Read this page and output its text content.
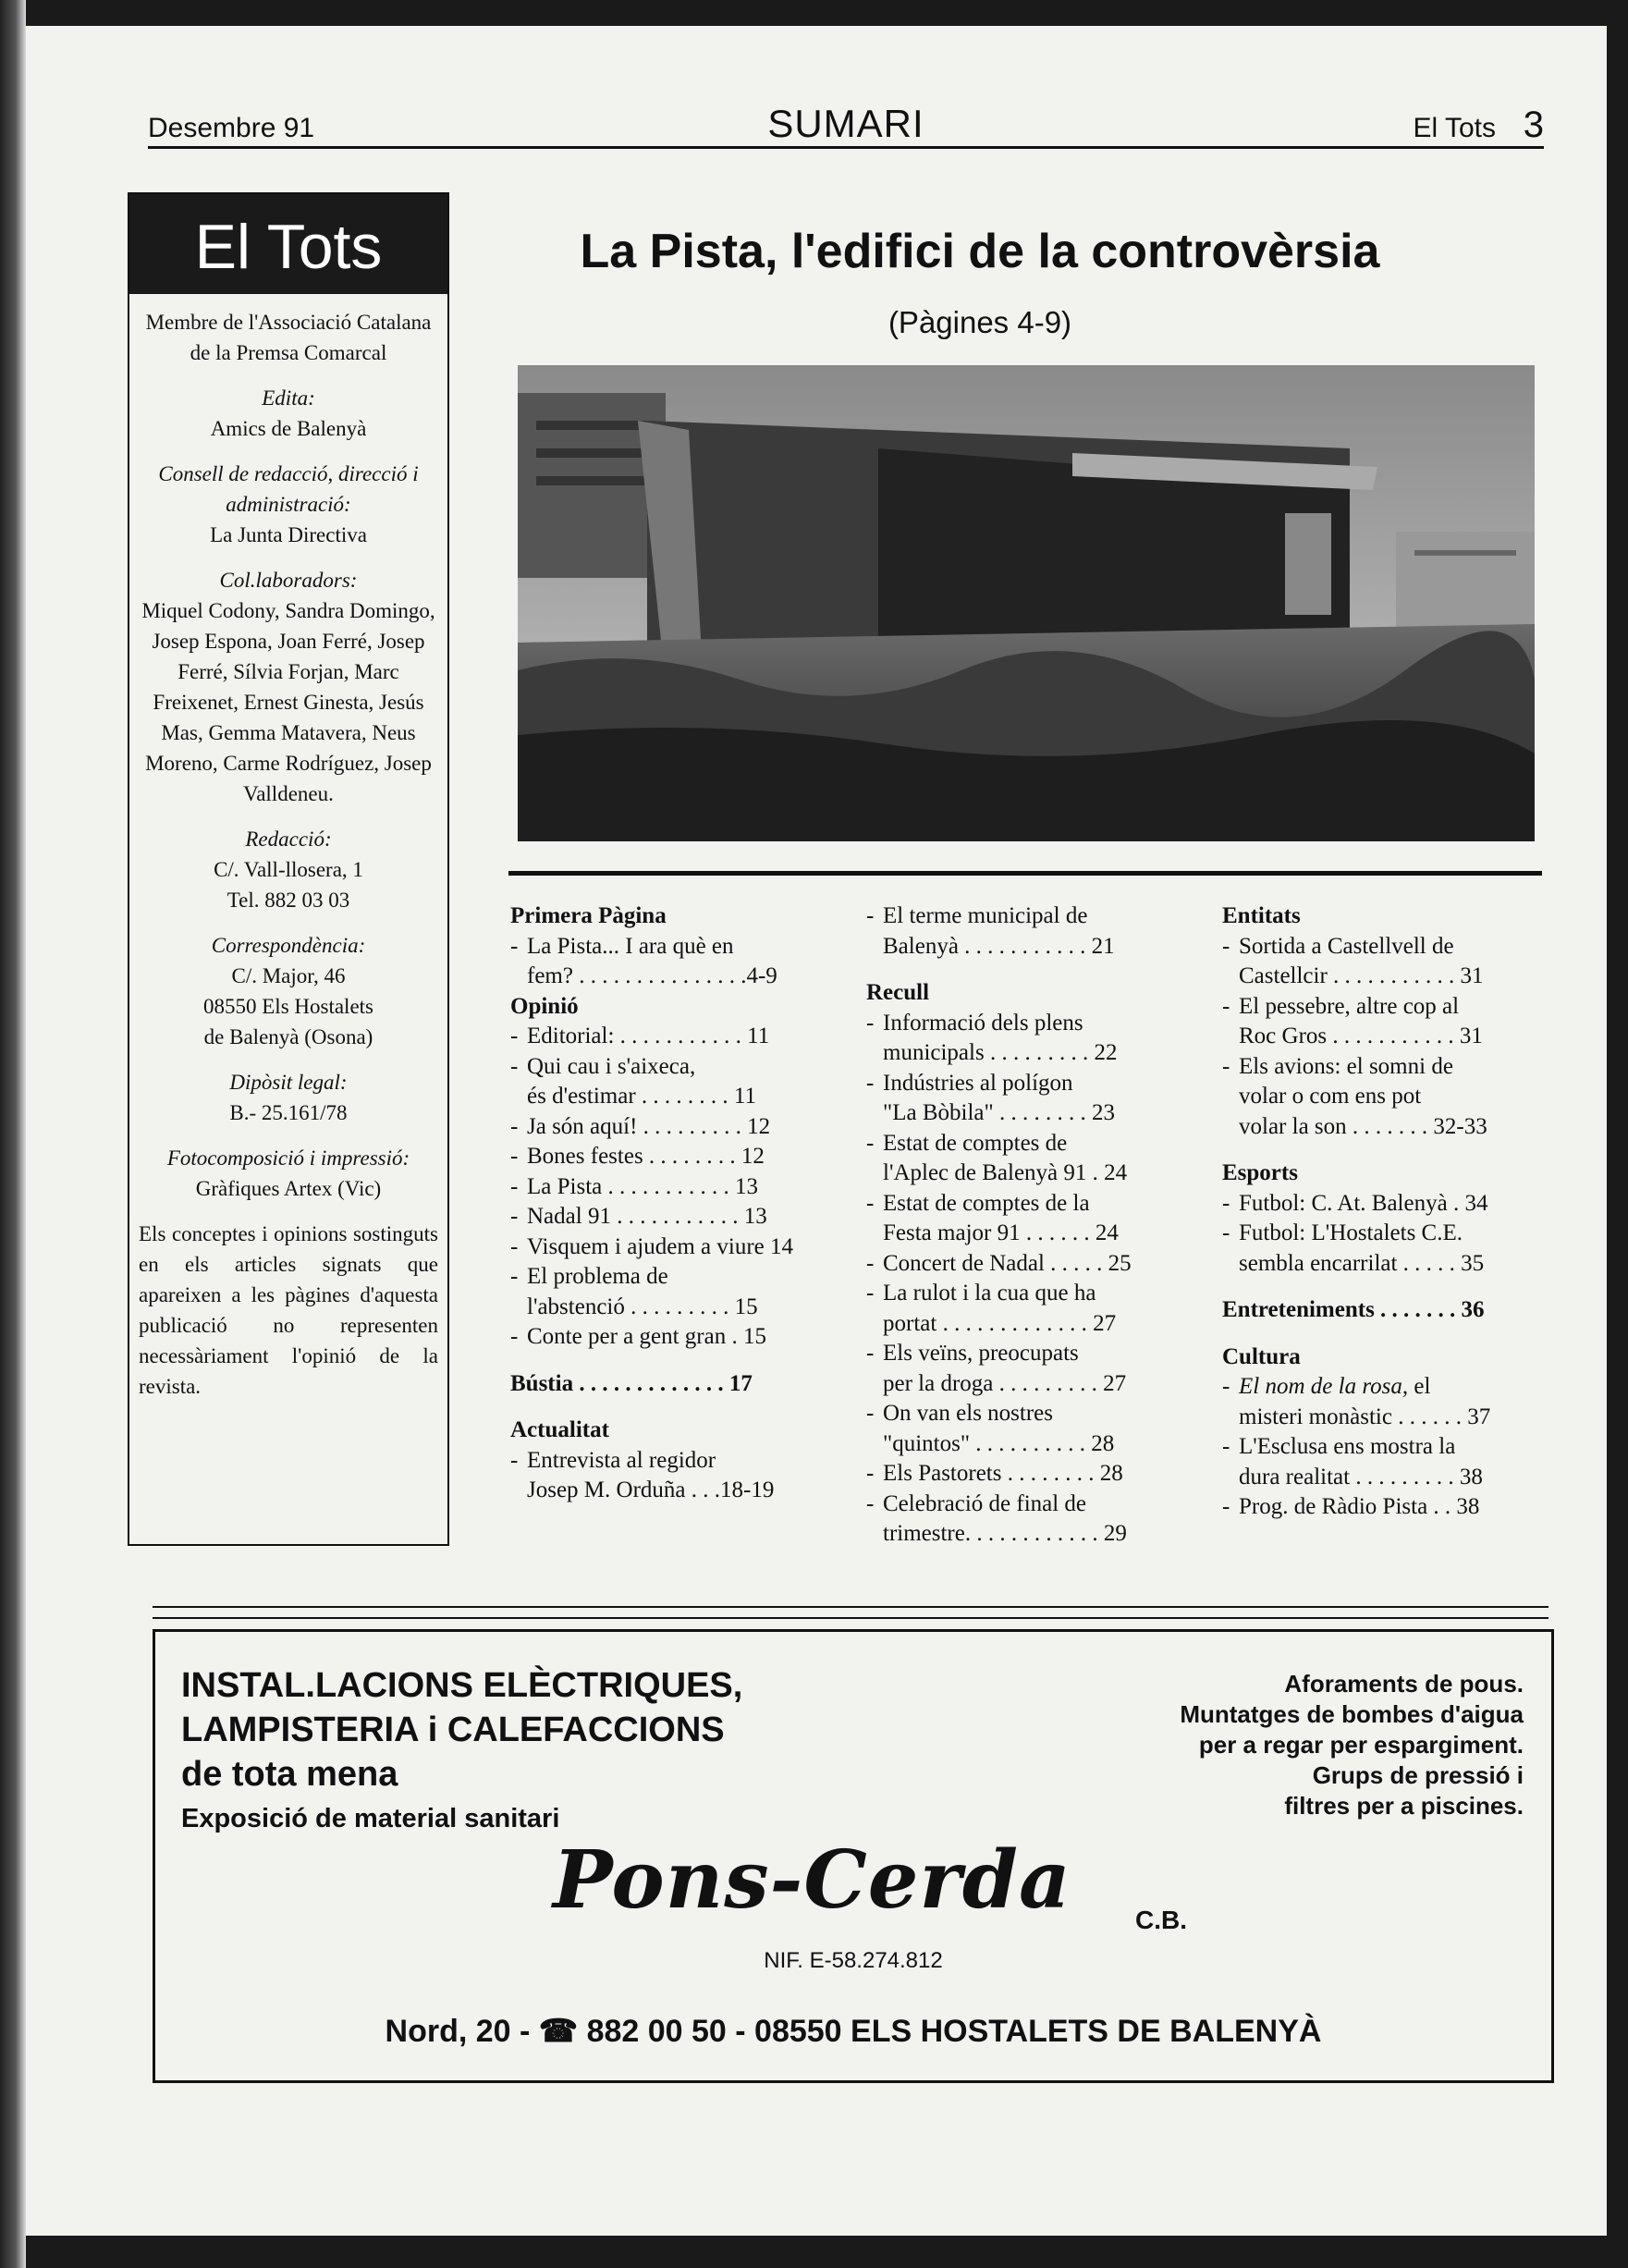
Desembre 91	SUMARI	El Tots 3
El Tots

Membre de l'Associació Catalana de la Premsa Comarcal

Edita:
Amics de Balenyà

Consell de redacció, direcció i administració:
La Junta Directiva

Col.laboradors:
Miquel Codony, Sandra Domingo, Josep Espona, Joan Ferré, Josep Ferré, Sílvia Forjan, Marc Freixenet, Ernest Ginesta, Jesús Mas, Gemma Matavera, Neus Moreno, Carme Rodríguez, Josep Valldeneu.

Redacció:
C/. Vall-llosera, 1
Tel. 882 03 03

Correspondència:
C/. Major, 46
08550 Els Hostalets
de Balenyà (Osona)

Dipòsit legal:
B.- 25.161/78

Fotocomposició i impressió:
Gràfiques Artex (Vic)

Els conceptes i opinions sostinguts en els articles signats que apareixen a les pàgines d'aquesta publicació no representen necessàriament l'opinió de la revista.

La Pista, l'edifici de la controvèrsia
(Pàgines 4-9)

Primera Pàgina

- La Pista... I ara què en
fem? . . . . . . . . . . . . . . .4-9

Opinió

- Editorial: . . . . . . . . . . . 11
- Qui cau i s'aixeca,
és d'estimar . . . . . . . . 11
- Ja són aquí! . . . . . . . . . 12
- Bones festes . . . . . . . . 12
- La Pista . . . . . . . . . . . 13
- Nadal 91 . . . . . . . . . . . 13
- Visquem i ajudem a viure 14
- El problema de
l'abstenció . . . . . . . . . 15
- Conte per a gent gran . 15

Bústia . . . . . . . . . . . . . 17

Actualitat

- Entrevista al regidor
Josep M. Orduña . . .18-19
- El terme municipal de
Balenyà . . . . . . . . . . . 21

Recull

- Informació dels plens
municipals . . . . . . . . . 22
- Indústries al polígon
"La Bòbila" . . . . . . . . 23
- Estat de comptes de
l'Aplec de Balenyà 91 . 24
- Estat de comptes de la
Festa major 91 . . . . . . 24
- Concert de Nadal . . . . . 25
- La rulot i la cua que ha
portat . . . . . . . . . . . . . 27
- Els veïns, preocupats
per la droga . . . . . . . . . 27
- On van els nostres
"quintos" . . . . . . . . . . 28
- Els Pastorets . . . . . . . . 28
- Celebració de final de
trimestre. . . . . . . . . . . . 29

Entitats

- Sortida a Castellvell de
Castellcir . . . . . . . . . . . 31
- El pessebre, altre cop al
Roc Gros . . . . . . . . . . . 31
- Els avions: el somni de
volar o com ens pot
volar la son . . . . . . . 32-33

Esports

- Futbol: C. At. Balenyà . 34
- Futbol: L'Hostalets C.E.
sembla encarrilat . . . . . 35

Entreteniments . . . . . . . 36

Cultura

- El nom de la rosa, el
misteri monàstic . . . . . . 37
- L'Esclusa ens mostra la
dura realitat . . . . . . . . . 38
- Prog. de Ràdio Pista . . 38
INSTAL.LACIONS ELÈCTRIQUES,
LAMPISTERIA i CALEFACCIONS
de tota mena
Exposició de material sanitari
Aforaments de pous.
Muntatges de bombes d'aigua
per a regar per espargiment.
Grups de pressió i
filtres per a piscines.
Pons-Cerda C.B.
NIF. E-58.274.812
Nord, 20 - ☎ 882 00 50 - 08550 ELS HOSTALETS DE BALENYÀ
